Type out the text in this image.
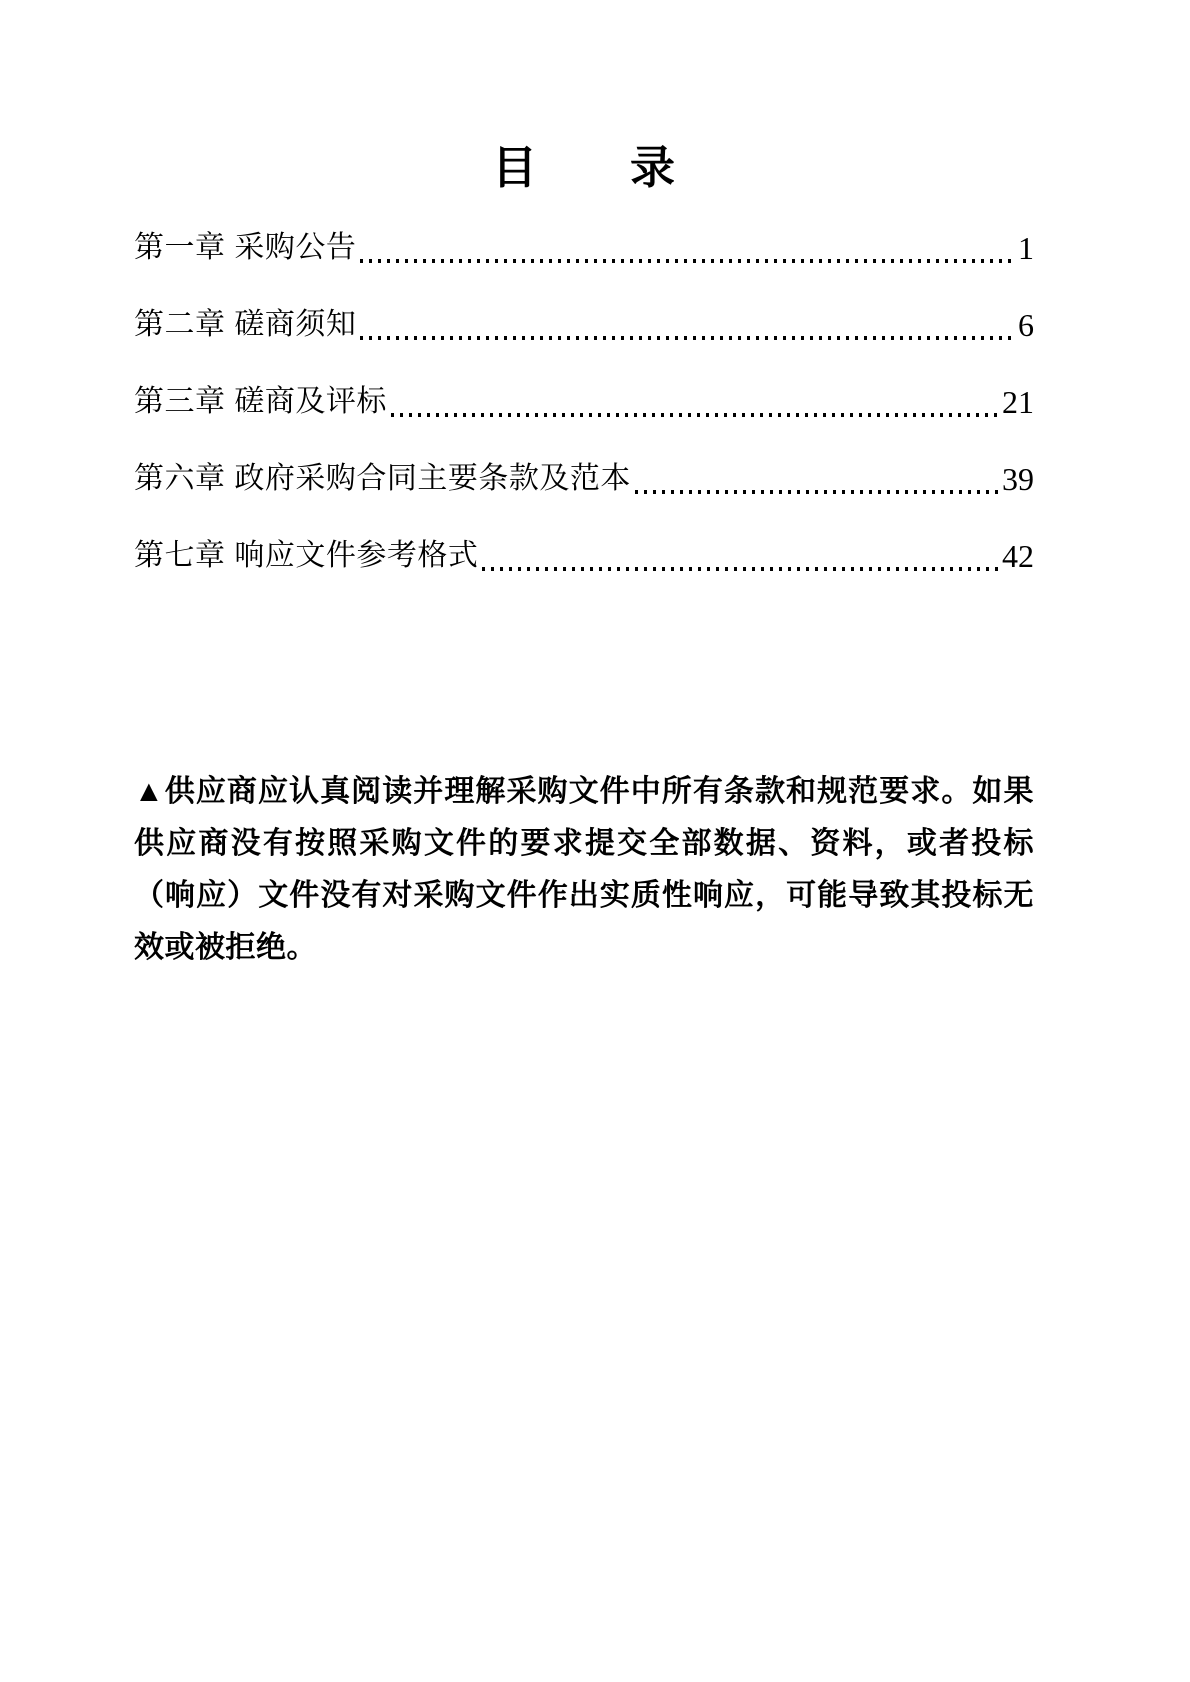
目　　录
第一章 采购公告	1
第二章 磋商须知	6
第三章 磋商及评标	21
第六章 政府采购合同主要条款及范本	39
第七章 响应文件参考格式	42

▲供应商应认真阅读并理解采购文件中所有条款和规范要求。如果供应商没有按照采购文件的要求提交全部数据、资料，或者投标（响应）文件没有对采购文件作出实质性响应，可能导致其投标无效或被拒绝。
